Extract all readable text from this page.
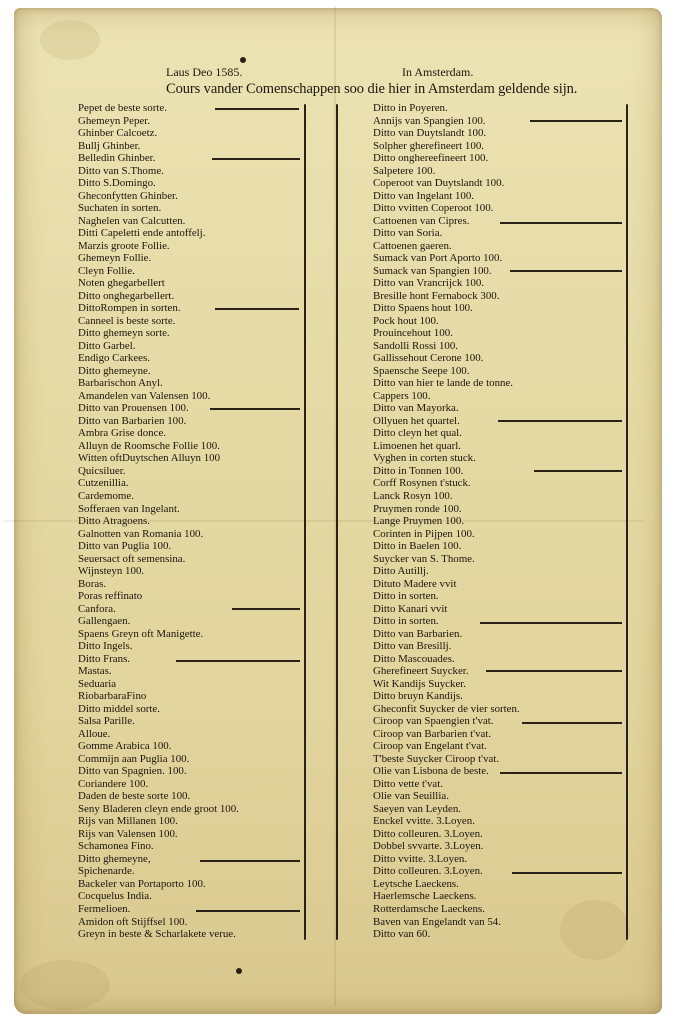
Laus Deo 1585.	In Amsterdam.
Cours vander Comenschappen soo die hier in Amsterdam geldende sijn.
Pepet de beste sorte.
Ghemeyn Peper.
Ghinber Calcoetz.
Bullj Ghinber.
Belledin Ghinber.
Ditto van S.Thome.
Ditto S.Domingo.
Gheconfytten Ghinber.
Suchaten in sorten.
Naghelen van Calcutten.
Ditti Capeletti ende antoffelj.
Marzis groote Follie.
Ghemeyn Follie.
Cleyn Follie.
Noten ghegarbellert
Ditto onghegarbellert.
DittoRompen in sorten.
Canneel is beste sorte.
Ditto ghemeyn sorte.
Ditto Garbel.
Endigo Carkees.
Ditto ghemeyne.
Barbarischon Anyl.
Amandelen van Valensen 100.
Ditto van Prouensen 100.
Ditto van Barbarien 100.
Ambra Grise donce.
Alluyn de Roomsche Follie 100.
Witten oftDuytschen Alluyn 100
Quicsiluer.
Cutzenillia.
Cardemome.
Sofferaen van Ingelant.
Ditto Atragoens.
Galnotten van Romania 100.
Ditto van Puglia 100.
Seuersact oft semensina.
Wijnsteyn 100.
Boras.
Poras reffinato
Canfora.
Gallengaen.
Spaens Greyn oft Manigette.
Ditto Ingels.
Ditto Frans.
Mastas.
Seduaria
RiobarbaraFino
Ditto middel sorte.
Salsa Parille.
Alloue.
Gomme Arabica 100.
Commijn aan Puglia 100.
Ditto van Spagnien. 100.
Coriandere 100.
Daden de beste sorte 100.
Seny Bladeren cleyn ende groot 100.
Rijs van Millanen 100.
Rijs van Valensen 100.
Schamonea Fino.
Ditto ghemeyne,
Spichenarde.
Backeler van Portaporto 100.
Cocquelus India.
Fermelioen.
Amidon oft Stijffsel 100.
Greyn in beste & Scharlakete verue.
Ditto in Poyeren.
Annijs van Spangien 100.
Ditto van Duytslandt 100.
Solpher gherefineert 100.
Ditto onghereefineert 100.
Salpetere 100.
Coperoot van Duytslandt 100.
Ditto van Ingelant 100.
Ditto vvitten Coperoot 100.
Cattoenen van Cipres.
Ditto van Soria.
Cattoenen gaeren.
Sumack van Port Aporto 100.
Sumack van Spangien 100.
Ditto van Vrancrijck 100.
Bresille hont Fernabock 300.
Ditto Spaens hout 100.
Pock hout 100.
Prouincehout 100.
Sandolli Rossi 100.
Gallissehout Cerone 100.
Spaensche Seepe 100.
Ditto van hier te lande de tonne.
Cappers 100.
Ditto van Mayorka.
Ollyuen het quartel.
Ditto cleyn het qual.
Limoenen het quarl.
Vyghen in corten stuck.
Ditto in Tonnen 100.
Corff Rosynen t'stuck.
Lanck Rosyn 100.
Pruymen ronde 100.
Lange Pruymen 100.
Corinten in Pijpen 100.
Ditto in Baelen 100.
Suycker van S. Thome.
Ditto Autillj.
Dituto Madere vvit
Ditto in sorten.
Ditto Kanari vvit
Ditto in sorten.
Ditto van Barbarien.
Ditto van Bresillj.
Ditto Mascouades.
Gherefineert Suycker.
Wit Kandijs Suycker.
Ditto bruyn Kandijs.
Gheconfit Suycker de vier sorten.
Ciroop van Spaengien t'vat.
Ciroop van Barbarien t'vat.
Ciroop van Engelant t'vat.
T'beste Suycker Ciroop t'vat.
Olie van Lisbona de beste.
Ditto vette t'vat.
Olie van Seuillia.
Saeyen van Leyden.
Enckel vvitte. 3.Loyen.
Ditto colleuren. 3.Loyen.
Dobbel svvarte. 3.Loyen.
Ditto vvitte. 3.Loyen.
Ditto colleuren. 3.Loyen.
Leytsche Laeckens.
Haerlemsche Laeckens.
Rotterdamsche Laeckens.
Baven van Engelandt van 54.
Ditto van 60.
